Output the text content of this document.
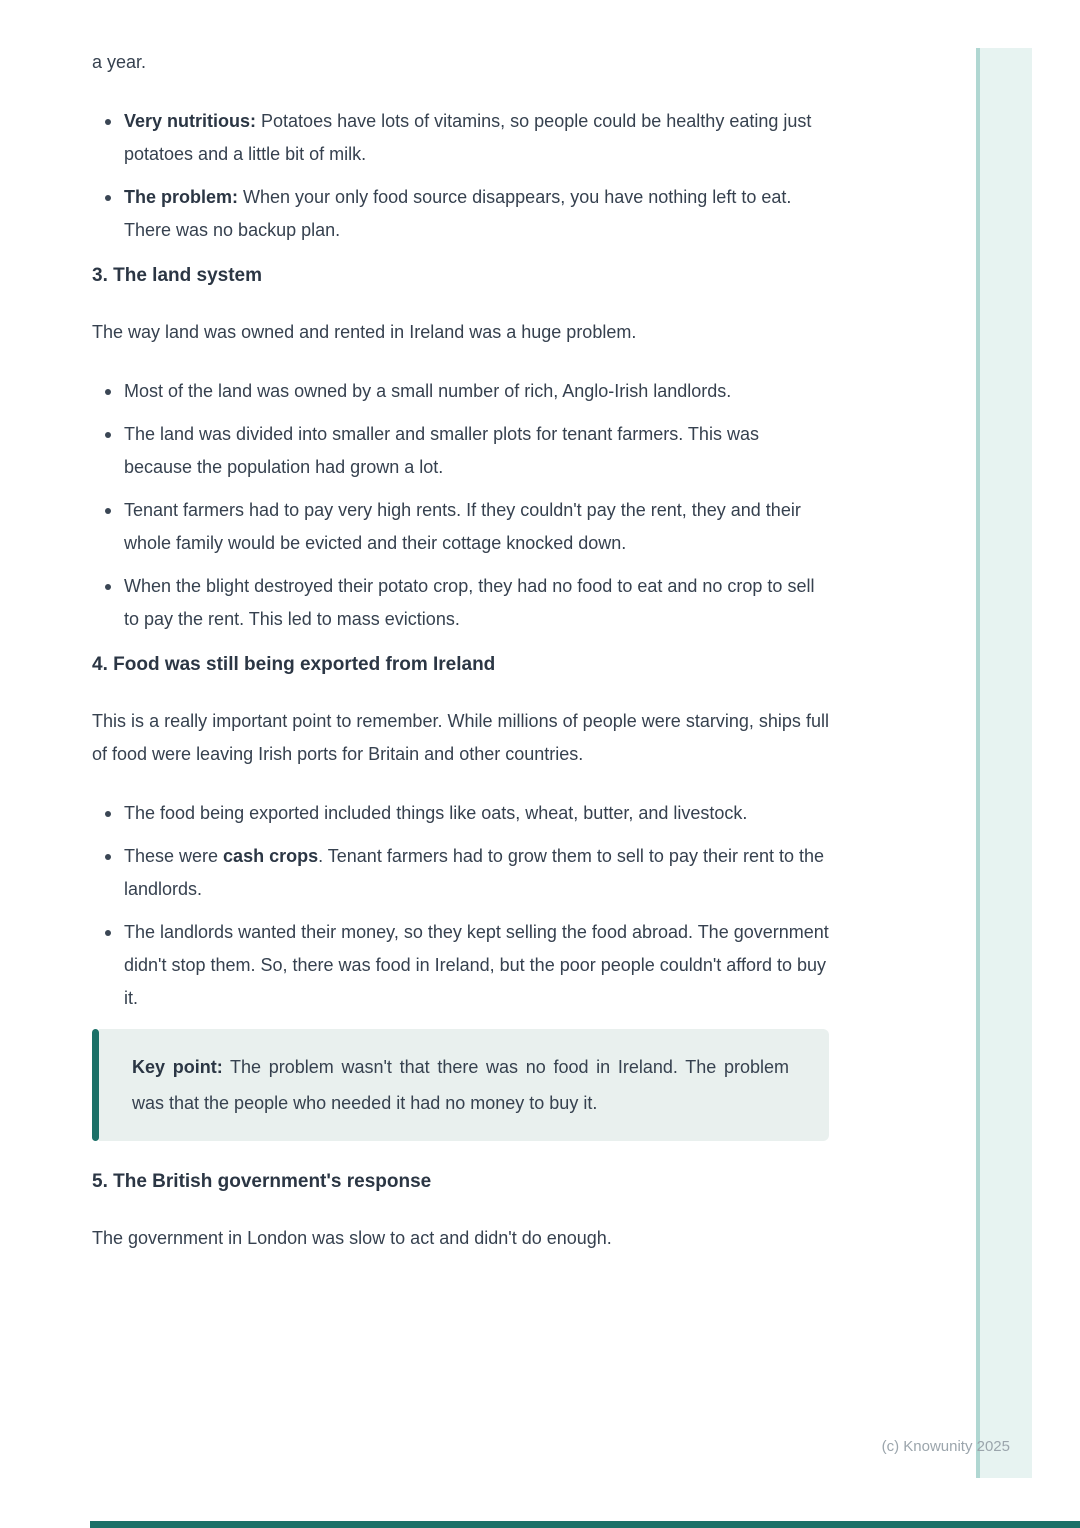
(c) Knowunity 2025

a year.

Very nutritious: Potatoes have lots of vitamins, so people could be healthy eating just potatoes and a little bit of milk.
The problem: When your only food source disappears, you have nothing left to eat. There was no backup plan.
3. The land system

The way land was owned and rented in Ireland was a huge problem.

Most of the land was owned by a small number of rich, Anglo-Irish landlords.
The land was divided into smaller and smaller plots for tenant farmers. This was because the population had grown a lot.
Tenant farmers had to pay very high rents. If they couldn't pay the rent, they and their whole family would be evicted and their cottage knocked down.
When the blight destroyed their potato crop, they had no food to eat and no crop to sell to pay the rent. This led to mass evictions.
4. Food was still being exported from Ireland

This is a really important point to remember. While millions of people were starving, ships full of food were leaving Irish ports for Britain and other countries.

The food being exported included things like oats, wheat, butter, and livestock.
These were cash crops. Tenant farmers had to grow them to sell to pay their rent to the landlords.
The landlords wanted their money, so they kept selling the food abroad. The government didn't stop them. So, there was food in Ireland, but the poor people couldn't afford to buy it.

Key point: The problem wasn't that there was no food in Ireland. The problem was that the people who needed it had no money to buy it.

5. The British government's response

The government in London was slow to act and didn't do enough.
